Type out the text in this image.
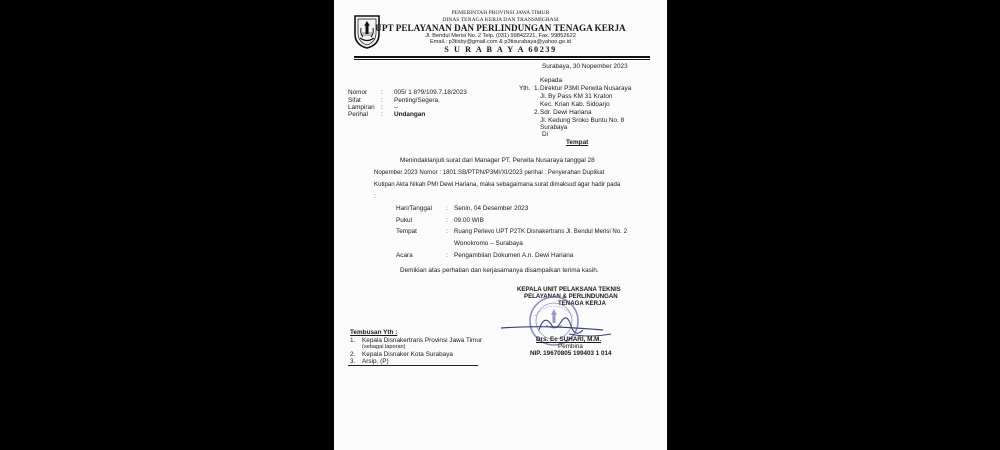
PEMERINTAH PROVINSI JAWA TIMUR
DINAS TENAGA KERJA DAN TRANSMIGRASI
UPT PELAYANAN DAN PERLINDUNGAN TENAGA KERJA
Jl. Bendul Merisi No. 2 Telp. (031) 99842221, Fax. 99852622
Email.: p3tisby@gmail.com & p3tisurabaya@yahoo.go.id
S U R A B A Y A 60239
Surabaya, 30 Nopember 2023
Kepada
Yth. 1. Direktur P3MI Perwita Nusaraya
Jl. By Pass KM 31 Kraton
Kec. Krian Kab. Sidoarjo
2. Sdr. Dewi Hariana
Jl. Kedung Sroko Buntu No. 8
Surabaya
Di
Tempat
Nomor : 005/ 1 8?9/109.7.18/2023
Sifat	: Penting/Segera.
Lampiran : --
Perihal : Undangan
Menindaklanjuti surat dari Manager PT. Perwita Nusaraya tanggal 28
Nopember 2023 Nomor : 1801.SB/PTPN/P3MI/XI/2023 perihal : Penyerahan Duplikat
Kutipan Akta Nikah PMI Dewi Hariana, maka sebagaimana surat dimaksud agar hadir pada
:
Hari/Tanggal : Senin, 04 Desember 2023
Pukul	: 09.00 WIB
Tempat	: Ruang Perlevo UPT P2TK Disnakertrans Jl. Bendul Merisi No. 2
Wonokromo – Surabaya
Acara	: Pengambilan Dokumen A.n. Dewi Hariana
Demikian atas perhatian dan kerjasamanya disampaikan terima kasih.
KEPALA UNIT PELAKSANA TEKNIS
PELAYANAN & PERLINDUNGAN
TENAGA KERJA
Drs. Ec SUHARI, M.M.
Pembina
NIP. 19670805 199403 1 014
Tembusan Yth :
1. Kepala Disnakertrans Provinsi Jawa Timur
(sebagai laporan)
2. Kepala Disnaker Kota Surabaya
3. Arsip. (P)
